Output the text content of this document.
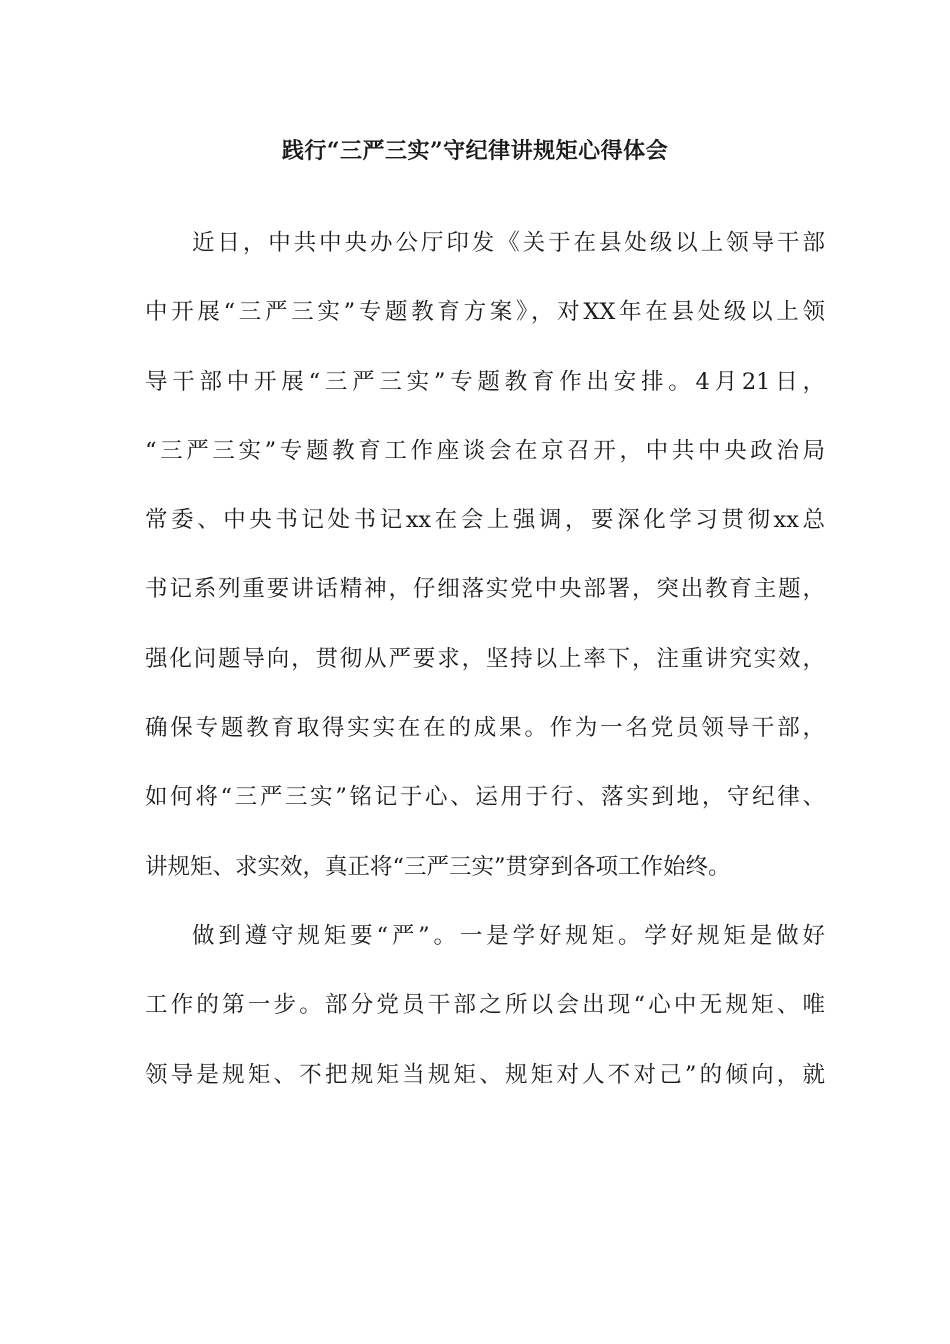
践行“三严三实”守纪律讲规矩心得体会
近日，中共中央办公厅印发《关于在县处级以上领导干部
中开展“三严三实”专题教育方案》，对XX年在县处级以上领
导干部中开展“三严三实”专题教育作出安排。4月21日，
“三严三实”专题教育工作座谈会在京召开，中共中央政治局
常委、中央书记处书记xx在会上强调，要深化学习贯彻xx总
书记系列重要讲话精神，仔细落实党中央部署，突出教育主题，
强化问题导向，贯彻从严要求，坚持以上率下，注重讲究实效，
确保专题教育取得实实在在的成果。作为一名党员领导干部，
如何将“三严三实”铭记于心、运用于行、落实到地，守纪律、
讲规矩、求实效，真正将“三严三实”贯穿到各项工作始终。
做到遵守规矩要“严”。一是学好规矩。学好规矩是做好
工作的第一步。部分党员干部之所以会出现“心中无规矩、唯
领导是规矩、不把规矩当规矩、规矩对人不对己”的倾向，就
